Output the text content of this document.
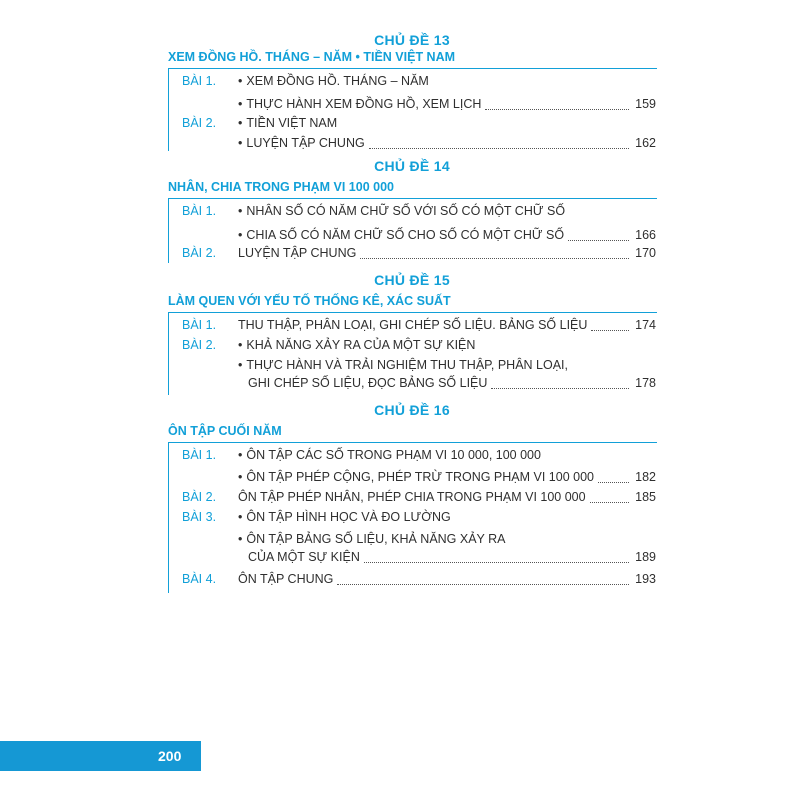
CHỦ ĐỀ 13
XEM ĐỒNG HỒ. THÁNG – NĂM • TIỀN VIỆT NAM
BÀI 1. • XEM ĐỒNG HỒ. THÁNG – NĂM
• THỰC HÀNH XEM ĐỒNG HỒ, XEM LỊCH	159
BÀI 2. • TIỀN VIỆT NAM
• LUYỆN TẬP CHUNG	162
CHỦ ĐỀ 14
NHÂN, CHIA TRONG PHẠM VI 100 000
BÀI 1. • NHÂN SỐ CÓ NĂM CHỮ SỐ VỚI SỐ CÓ MỘT CHỮ SỐ
• CHIA SỐ CÓ NĂM CHỮ SỐ CHO SỐ CÓ MỘT CHỮ SỐ	166
BÀI 2. LUYỆN TẬP CHUNG	170
CHỦ ĐỀ 15
LÀM QUEN VỚI YẾU TỐ THỐNG KÊ, XÁC SUẤT
BÀI 1. THU THẬP, PHÂN LOẠI, GHI CHÉP SỐ LIỆU. BẢNG SỐ LIỆU	174
BÀI 2. • KHẢ NĂNG XẢY RA CỦA MỘT SỰ KIỆN
• THỰC HÀNH VÀ TRẢI NGHIỆM THU THẬP, PHÂN LOẠI,
GHI CHÉP SỐ LIỆU, ĐỌC BẢNG SỐ LIỆU	178
CHỦ ĐỀ 16
ÔN TẬP CUỐI NĂM
BÀI 1. • ÔN TẬP CÁC SỐ TRONG PHẠM VI 10 000, 100 000
• ÔN TẬP PHÉP CỘNG, PHÉP TRỪ TRONG PHẠM VI 100 000	182
BÀI 2. ÔN TẬP PHÉP NHÂN, PHÉP CHIA TRONG PHẠM VI 100 000	185
BÀI 3. • ÔN TẬP HÌNH HỌC VÀ ĐO LƯỜNG
• ÔN TẬP BẢNG SỐ LIỆU, KHẢ NĂNG XẢY RA
CỦA MỘT SỰ KIỆN	189
BÀI 4. ÔN TẬP CHUNG	193
200
